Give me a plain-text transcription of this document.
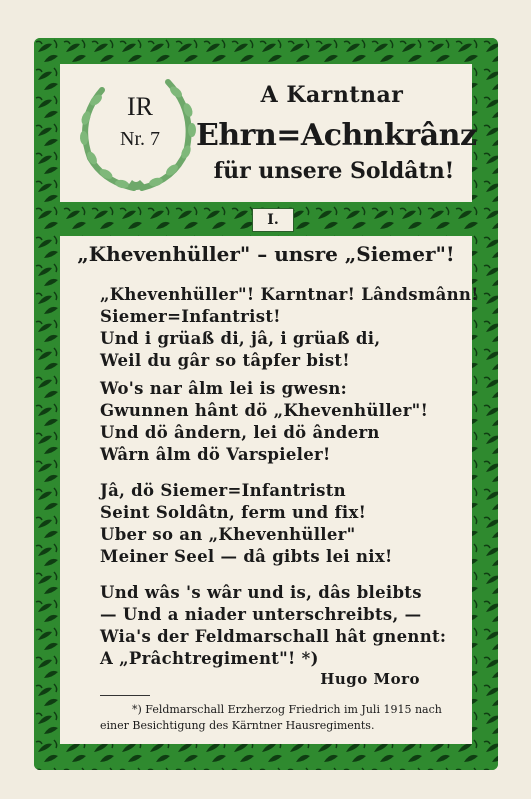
I.
IR
Nr. 7
A Karntnar
Ehrn=Achnkrânz
für unsere Soldâtn!
„Khevenhüller" – unsre „Siemer"!
„Khevenhüller"! Karntnar! Lândsmânn!
Siemer=Infantrist!
Und i grüaß di, jâ, i grüaß di,
Weil du gâr so tâpfer bist!
Wo's nar âlm lei is gwesn:
Gwunnen hânt dö „Khevenhüller"!
Und dö ândern, lei dö ândern
Wârn âlm dö Varspieler!
Jâ, dö Siemer=Infantristn
Seint Soldâtn, ferm und fix!
Uber so an „Khevenhüller"
Meiner Seel — dâ gibts lei nix!
Und wâs 's wâr und is, dâs bleibts
— Und a niader unterschreibts, —
Wia's der Feldmarschall hât gnennt:
A „Prâchtregiment"! *)
Hugo Moro
*) Feldmarschall Erzherzog Friedrich im Juli 1915 nach
einer Besichtigung des Kärntner Hausregiments.
